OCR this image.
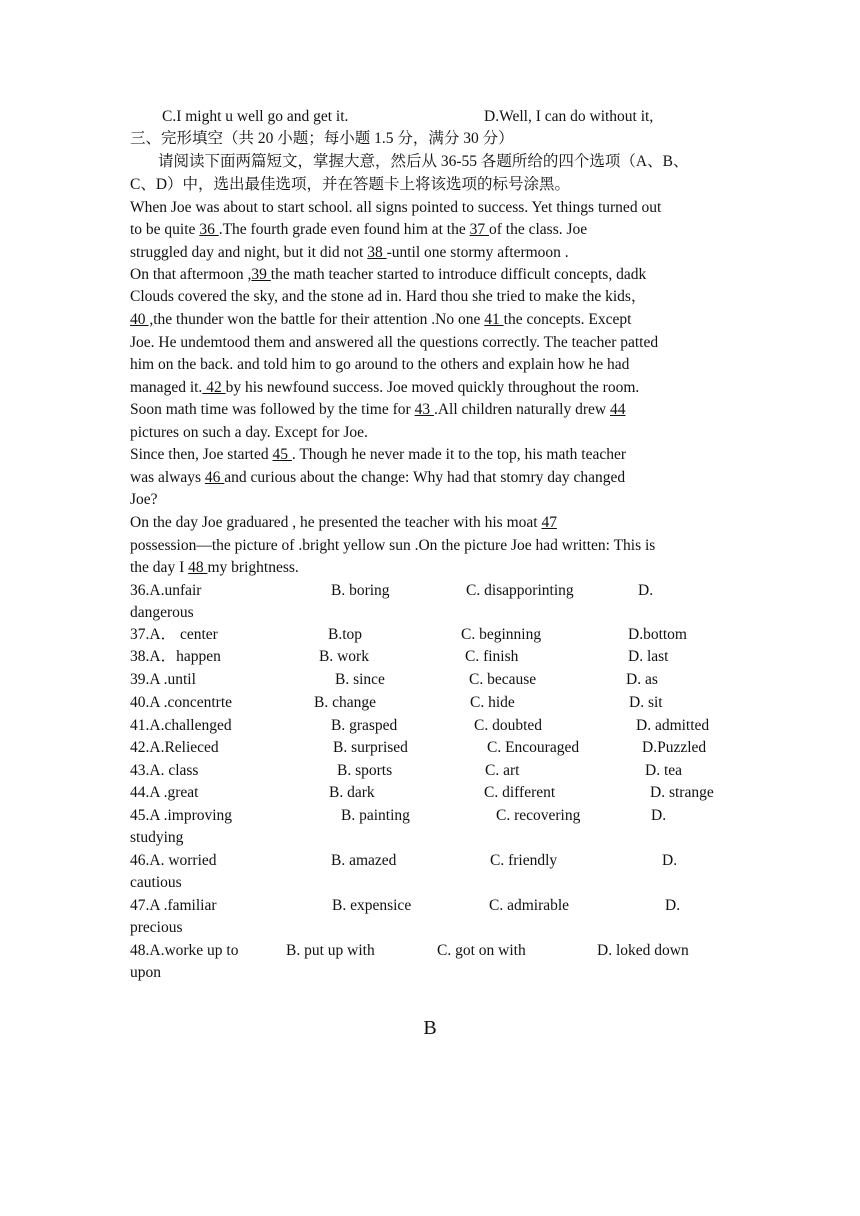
C.I might u well go and get it.	D.Well, I can do without it,
三、完形填空（共 20 小题；每小题 1.5 分，满分 30 分）
请阅读下面两篇短文，掌握大意，然后从 36-55 各题所给的四个选项（A、B、
C、D）中，选出最佳选项，并在答题卡上将该选项的标号涂黑。
When Joe was about to start school. all signs pointed to success. Yet things turned out
to be quite 36 .The fourth grade even found him at the 37 of the class. Joe
struggled day and night, but it did not 38 -until one stormy aftermoon .
On that aftermoon ,39 the math teacher started to introduce difficult concepts, dadk
Clouds covered the sky, and the stone ad in. Hard thou she tried to make the kids，
40 ,the thunder won the battle for their attention .No one 41 the concepts. Except
Joe. He undemtood them and answered all the questions correctly. The teacher patted
him on the back. and told him to go around to the others and explain how he had
managed it. 42 by his newfound success. Joe moved quickly throughout the room.
Soon math time was followed by the time for 43 .All children naturally drew 44
pictures on such a day. Except for Joe.
Since then, Joe started 45 . Though he never made it to the top, his math teacher
was always 46 and curious about the change: Why had that stomry day changed
Joe?
On the day Joe graduared , he presented the teacher with his moat 47
possession—the picture of .bright yellow sun .On the picture Joe had written: This is
the day I 48 my brightness.
36.A.unfair	B. boring	C. disapporinting	D.
dangerous
37.A． center	B.top	C. beginning	D.bottom
38.A．happen	B. work	C. finish	D. last
39.A .until	B. since	C. because	D. as
40.A .concentrte	B. change	C. hide	D. sit
41.A.challenged	B. grasped	C. doubted	D. admitted
42.A.Relieced	B. surprised	C. Encouraged	D.Puzzled
43.A. class	B. sports	C. art	D. tea
44.A .great	B. dark	C. different	D. strange
45.A .improving	B. painting	C. recovering	D.
studying
46.A. worried	B. amazed	C. friendly	D.
cautious
47.A .familiar	B. expensice	C. admirable	D.
precious
48.A.worke up to	B. put up with	C. got on with	D. loked down
upon
B
